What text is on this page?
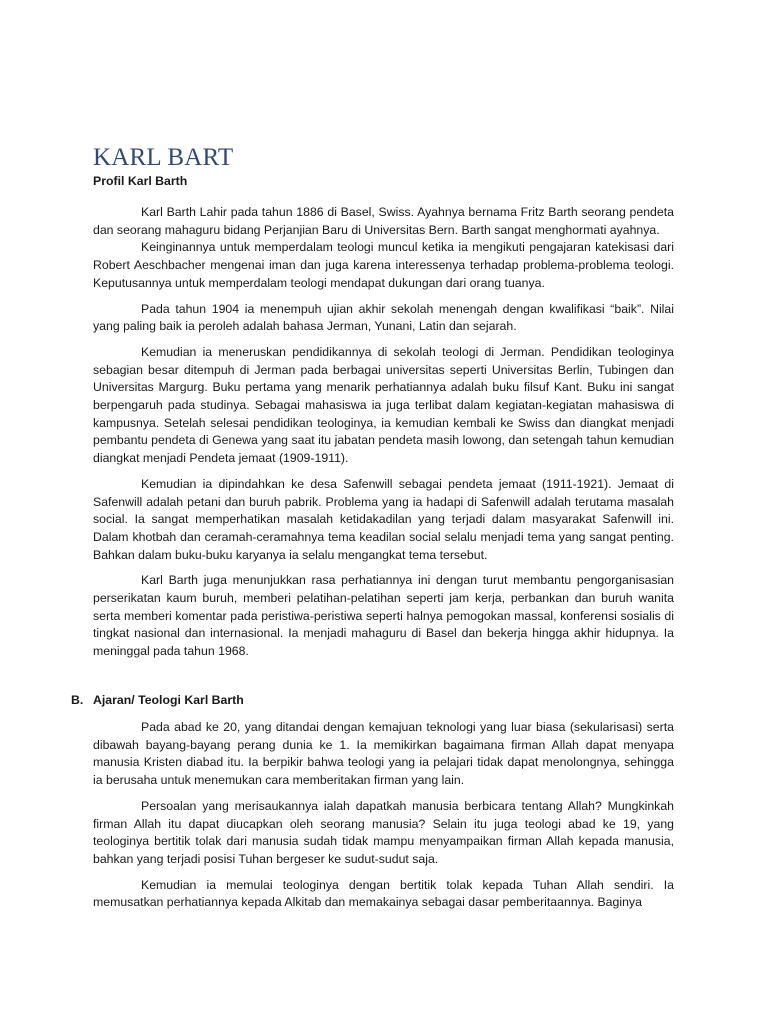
KARL BART
Profil Karl Barth

Karl Barth Lahir pada tahun 1886 di Basel, Swiss. Ayahnya bernama Fritz Barth seorang pendeta dan seorang mahaguru bidang Perjanjian Baru di Universitas Bern. Barth sangat menghormati ayahnya.

Keinginannya untuk memperdalam teologi muncul ketika ia mengikuti pengajaran katekisasi dari Robert Aeschbacher mengenai iman dan juga karena interessenya terhadap problema-problema teologi. Keputusannya untuk memperdalam teologi mendapat dukungan dari orang tuanya.

Pada tahun 1904 ia menempuh ujian akhir sekolah menengah dengan kwalifikasi “baik”. Nilai yang paling baik ia peroleh adalah bahasa Jerman, Yunani, Latin dan sejarah.

Kemudian ia meneruskan pendidikannya di sekolah teologi di Jerman. Pendidikan teologinya sebagian besar ditempuh di Jerman pada berbagai universitas seperti Universitas Berlin, Tubingen dan Universitas Margurg. Buku pertama yang menarik perhatiannya adalah buku filsuf Kant. Buku ini sangat berpengaruh pada studinya. Sebagai mahasiswa ia juga terlibat dalam kegiatan-kegiatan mahasiswa di kampusnya. Setelah selesai pendidikan teologinya, ia kemudian kembali ke Swiss dan diangkat menjadi pembantu pendeta di Genewa yang saat itu jabatan pendeta masih lowong, dan setengah tahun kemudian diangkat menjadi Pendeta jemaat (1909-1911).

Kemudian ia dipindahkan ke desa Safenwill sebagai pendeta jemaat (1911-1921). Jemaat di Safenwill adalah petani dan buruh pabrik. Problema yang ia hadapi di Safenwill adalah terutama masalah social. Ia sangat memperhatikan masalah ketidakadilan yang terjadi dalam masyarakat Safenwill ini. Dalam khotbah dan ceramah-ceramahnya tema keadilan social selalu menjadi tema yang sangat penting. Bahkan dalam buku-buku karyanya ia selalu mengangkat tema tersebut.

Karl Barth juga menunjukkan rasa perhatiannya ini dengan turut membantu pengorganisasian perserikatan kaum buruh, memberi pelatihan-pelatihan seperti jam kerja, perbankan dan buruh wanita serta memberi komentar pada peristiwa-peristiwa seperti halnya pemogokan massal, konferensi sosialis di tingkat nasional dan internasional. Ia menjadi mahaguru di Basel dan bekerja hingga akhir hidupnya. Ia meninggal pada tahun 1968.

B. Ajaran/ Teologi Karl Barth

Pada abad ke 20, yang ditandai dengan kemajuan teknologi yang luar biasa (sekularisasi) serta dibawah bayang-bayang perang dunia ke 1. Ia memikirkan bagaimana firman Allah dapat menyapa manusia Kristen diabad itu. Ia berpikir bahwa teologi yang ia pelajari tidak dapat menolongnya, sehingga ia berusaha untuk menemukan cara memberitakan firman yang lain.

Persoalan yang merisaukannya ialah dapatkah manusia berbicara tentang Allah? Mungkinkah firman Allah itu dapat diucapkan oleh seorang manusia? Selain itu juga teologi abad ke 19, yang teologinya bertitik tolak dari manusia sudah tidak mampu menyampaikan firman Allah kepada manusia, bahkan yang terjadi posisi Tuhan bergeser ke sudut-sudut saja.

Kemudian ia memulai teologinya dengan bertitik tolak kepada Tuhan Allah sendiri. Ia memusatkan perhatiannya kepada Alkitab dan memakainya sebagai dasar pemberitaannya. Baginya
